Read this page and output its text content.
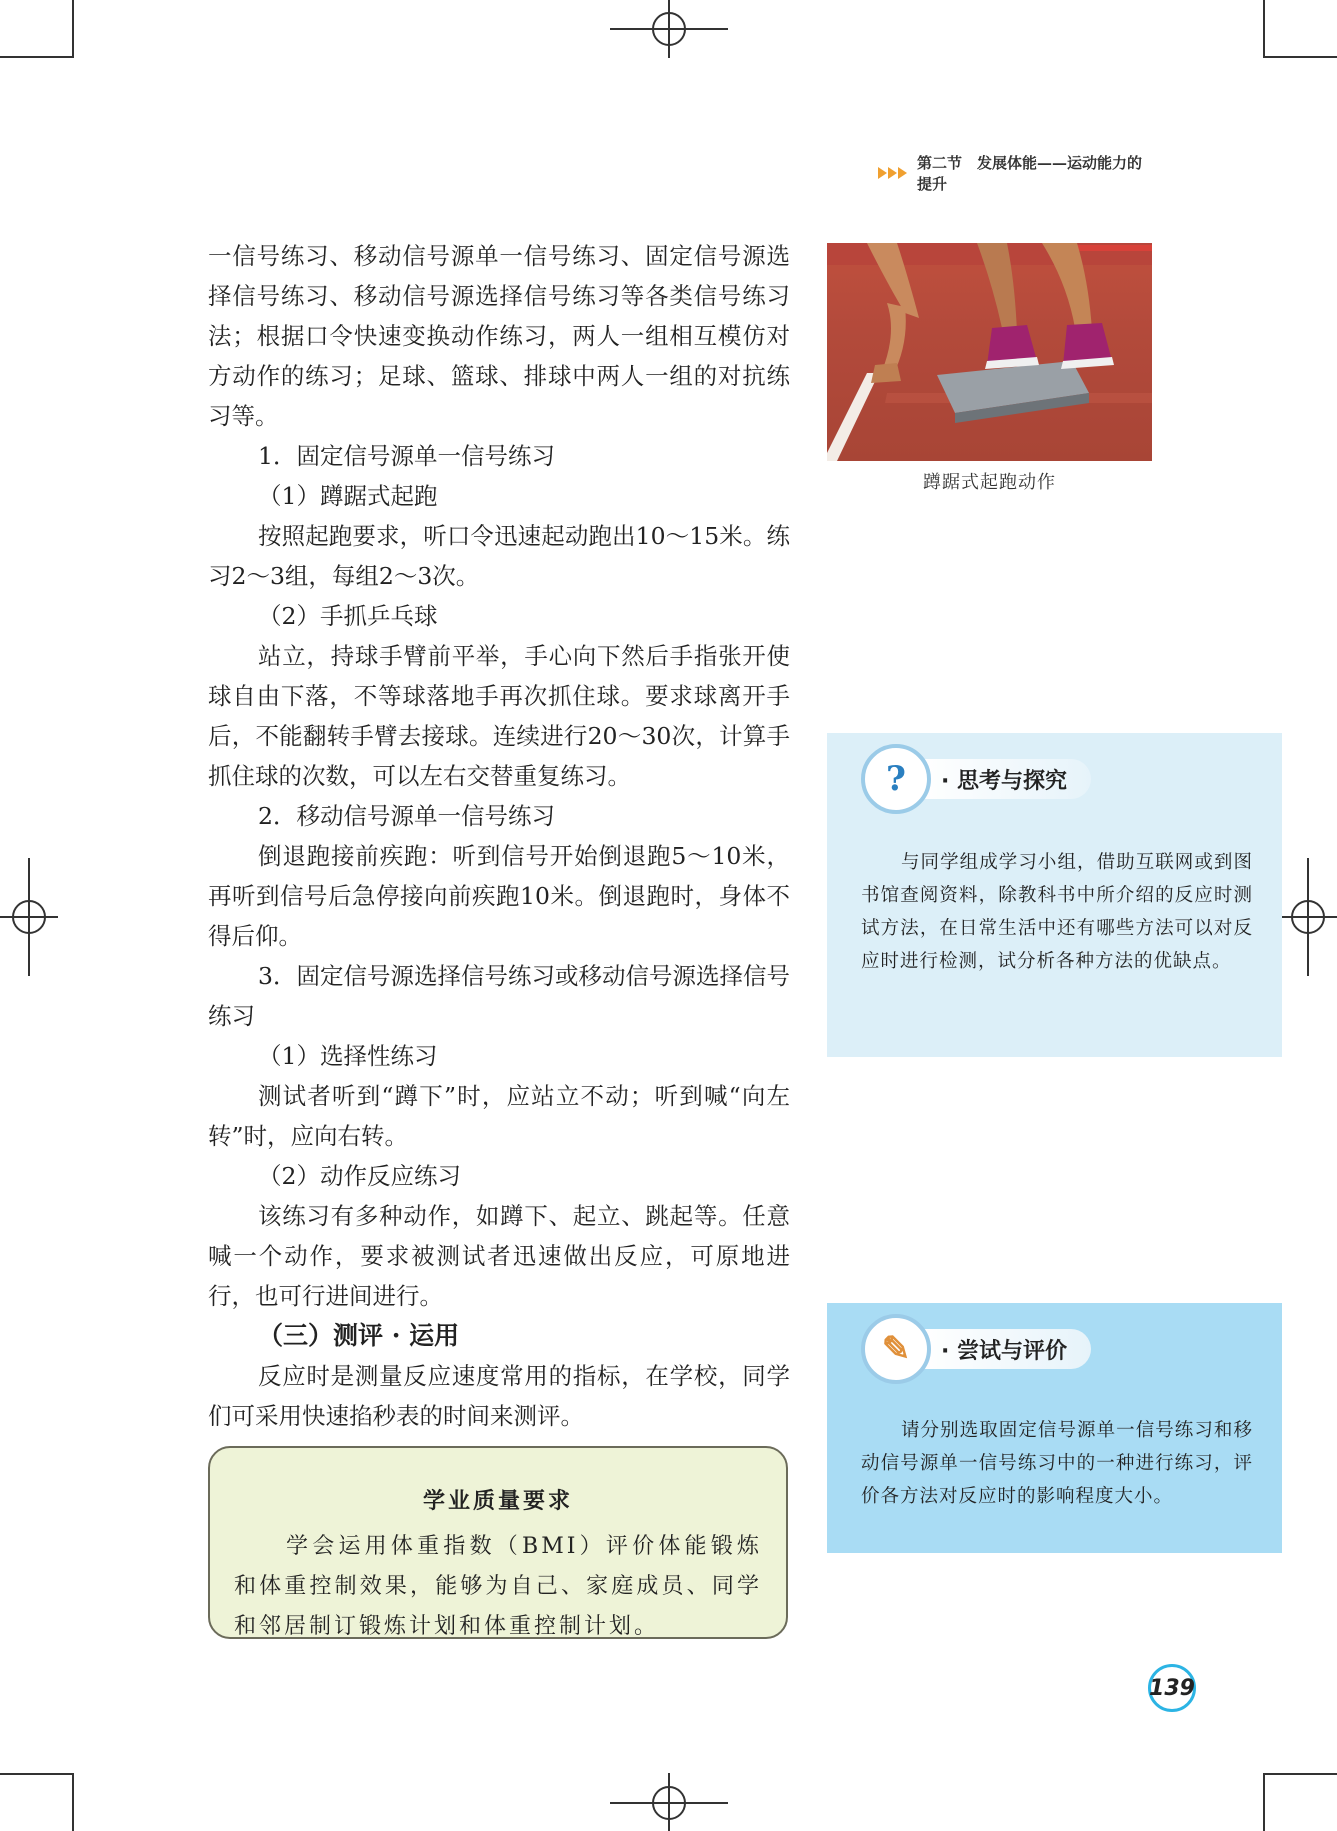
第二节　发展体能——运动能力的提升

一信号练习、移动信号源单一信号练习、固定信号源选择信号练习、移动信号源选择信号练习等各类信号练习法；根据口令快速变换动作练习，两人一组相互模仿对方动作的练习；足球、篮球、排球中两人一组的对抗练习等。

1．固定信号源单一信号练习

（1）蹲踞式起跑

按照起跑要求，听口令迅速起动跑出10～15米。练习2～3组，每组2～3次。

（2）手抓乒乓球

站立，持球手臂前平举，手心向下然后手指张开使球自由下落，不等球落地手再次抓住球。要求球离开手后，不能翻转手臂去接球。连续进行20～30次，计算手抓住球的次数，可以左右交替重复练习。

2．移动信号源单一信号练习

倒退跑接前疾跑：听到信号开始倒退跑5～10米，再听到信号后急停接向前疾跑10米。倒退跑时，身体不得后仰。

3．固定信号源选择信号练习或移动信号源选择信号练习

（1）选择性练习

测试者听到“蹲下”时，应站立不动；听到喊“向左转”时，应向右转。

（2）动作反应练习

该练习有多种动作，如蹲下、起立、跳起等。任意喊一个动作，要求被测试者迅速做出反应，可原地进行，也可行进间进行。

（三）测评 · 运用

反应时是测量反应速度常用的指标，在学校，同学们可采用快速掐秒表的时间来测评。

蹲踞式起跑动作
?	· 思考与探究
与同学组成学习小组，借助互联网或到图书馆查阅资料，除教科书中所介绍的反应时测试方法，在日常生活中还有哪些方法可以对反应时进行检测，试分析各种方法的优缺点。
✎	· 尝试与评价
请分别选取固定信号源单一信号练习和移动信号源单一信号练习中的一种进行练习，评价各方法对反应时的影响程度大小。
学业质量要求
学会运用体重指数（BMI）评价体能锻炼和体重控制效果，能够为自己、家庭成员、同学和邻居制订锻炼计划和体重控制计划。
139
